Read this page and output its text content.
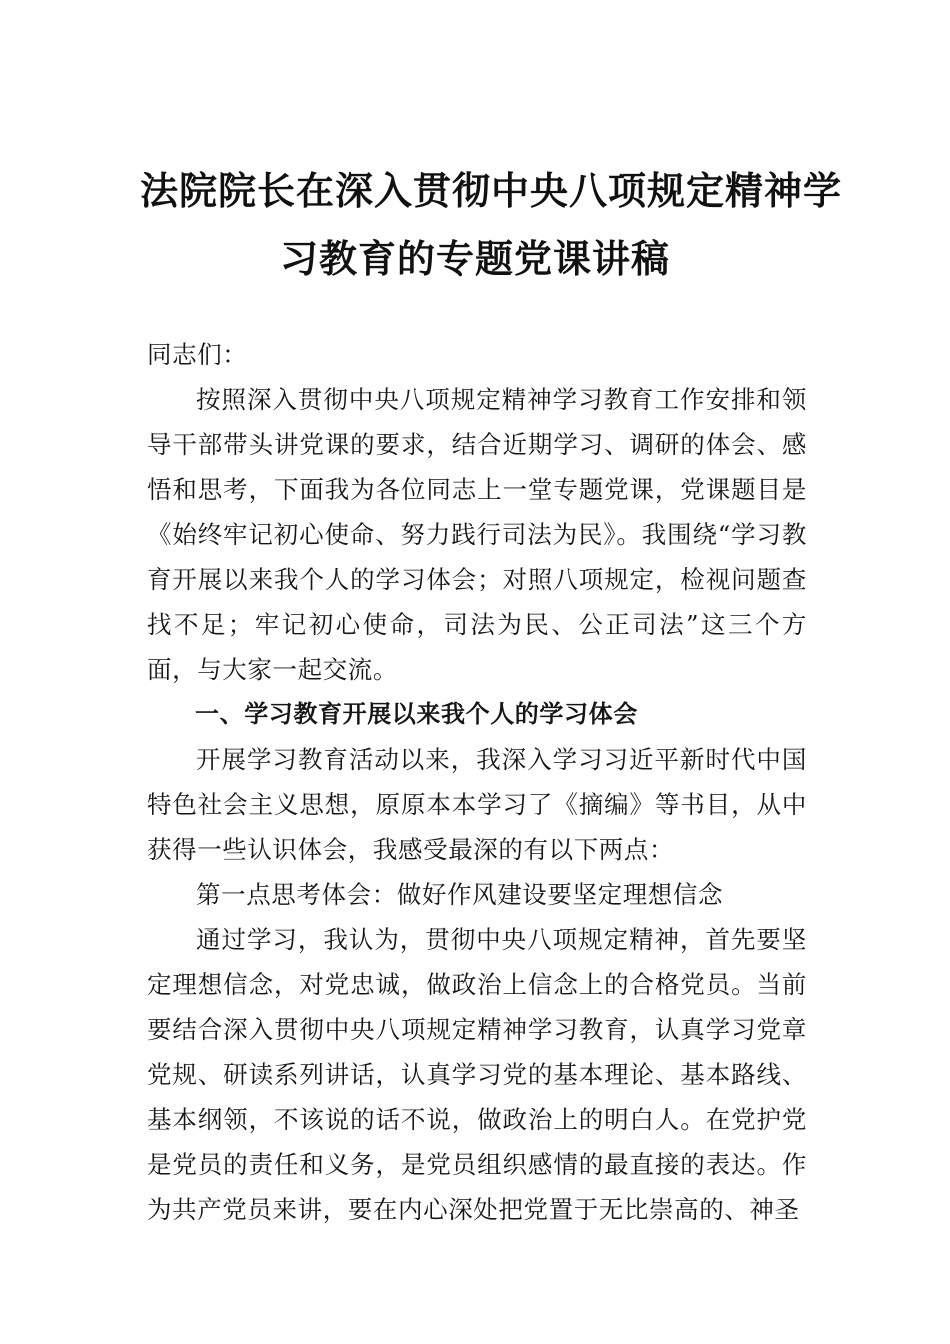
法院院长在深入贯彻中央八项规定精神学
习教育的专题党课讲稿

同志们：

按照深入贯彻中央八项规定精神学习教育工作安排和领导干部带头讲党课的要求，结合近期学习、调研的体会、感悟和思考，下面我为各位同志上一堂专题党课，党课题目是《始终牢记初心使命、努力践行司法为民》。我围绕“学习教育开展以来我个人的学习体会；对照八项规定，检视问题查找不足；牢记初心使命，司法为民、公正司法”这三个方面，与大家一起交流。

一、学习教育开展以来我个人的学习体会

开展学习教育活动以来，我深入学习习近平新时代中国特色社会主义思想，原原本本学习了《摘编》等书目，从中获得一些认识体会，我感受最深的有以下两点：

第一点思考体会：做好作风建设要坚定理想信念

通过学习，我认为，贯彻中央八项规定精神，首先要坚定理想信念，对党忠诚，做政治上信念上的合格党员。当前要结合深入贯彻中央八项规定精神学习教育，认真学习党章党规、研读系列讲话，认真学习党的基本理论、基本路线、基本纲领，不该说的话不说，做政治上的明白人。在党护党是党员的责任和义务，是党员组织感情的最直接的表达。作为共产党员来讲，要在内心深处把党置于无比崇高的、神圣
